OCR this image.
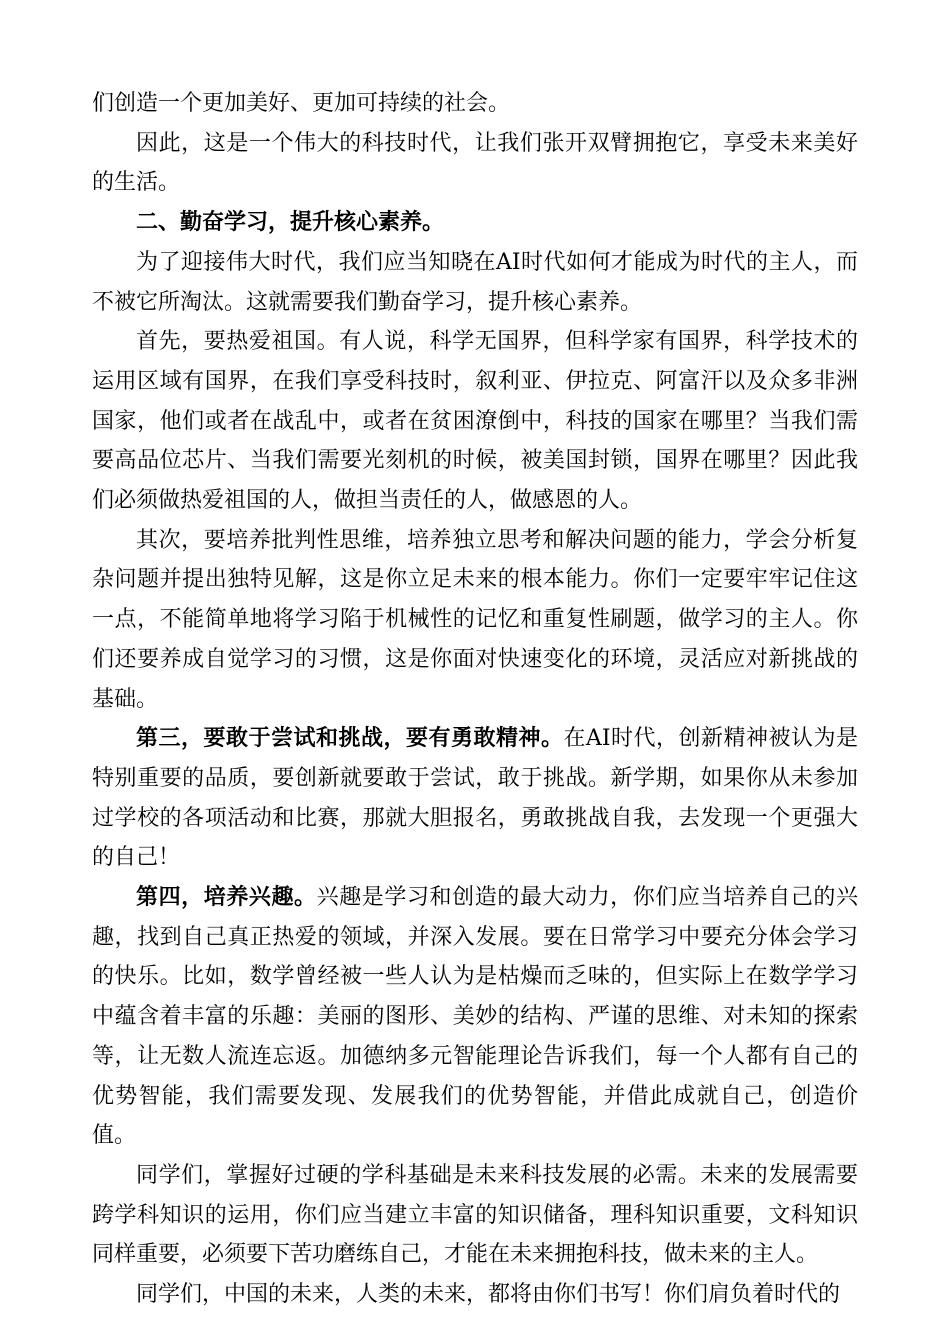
们创造一个更加美好、更加可持续的社会。

因此，这是一个伟大的科技时代，让我们张开双臂拥抱它，享受未来美好的生活。

二、勤奋学习，提升核心素养。

为了迎接伟大时代，我们应当知晓在AI时代如何才能成为时代的主人，而不被它所淘汰。这就需要我们勤奋学习，提升核心素养。

首先，要热爱祖国。有人说，科学无国界，但科学家有国界，科学技术的运用区域有国界，在我们享受科技时，叙利亚、伊拉克、阿富汗以及众多非洲国家，他们或者在战乱中，或者在贫困潦倒中，科技的国家在哪里？当我们需要高品位芯片、当我们需要光刻机的时候，被美国封锁，国界在哪里？因此我们必须做热爱祖国的人，做担当责任的人，做感恩的人。

其次，要培养批判性思维，培养独立思考和解决问题的能力，学会分析复杂问题并提出独特见解，这是你立足未来的根本能力。你们一定要牢牢记住这一点，不能简单地将学习陷于机械性的记忆和重复性刷题，做学习的主人。你们还要养成自觉学习的习惯，这是你面对快速变化的环境，灵活应对新挑战的基础。

第三，要敢于尝试和挑战，要有勇敢精神。在AI时代，创新精神被认为是特别重要的品质，要创新就要敢于尝试，敢于挑战。新学期，如果你从未参加过学校的各项活动和比赛，那就大胆报名，勇敢挑战自我，去发现一个更强大的自己！

第四，培养兴趣。兴趣是学习和创造的最大动力，你们应当培养自己的兴趣，找到自己真正热爱的领域，并深入发展。要在日常学习中要充分体会学习的快乐。比如，数学曾经被一些人认为是枯燥而乏味的，但实际上在数学学习中蕴含着丰富的乐趣：美丽的图形、美妙的结构、严谨的思维、对未知的探索等，让无数人流连忘返。加德纳多元智能理论告诉我们，每一个人都有自己的优势智能，我们需要发现、发展我们的优势智能，并借此成就自己，创造价值。

同学们，掌握好过硬的学科基础是未来科技发展的必需。未来的发展需要跨学科知识的运用，你们应当建立丰富的知识储备，理科知识重要，文科知识同样重要，必须要下苦功磨练自己，才能在未来拥抱科技，做未来的主人。

同学们，中国的未来，人类的未来，都将由你们书写！你们肩负着时代的
